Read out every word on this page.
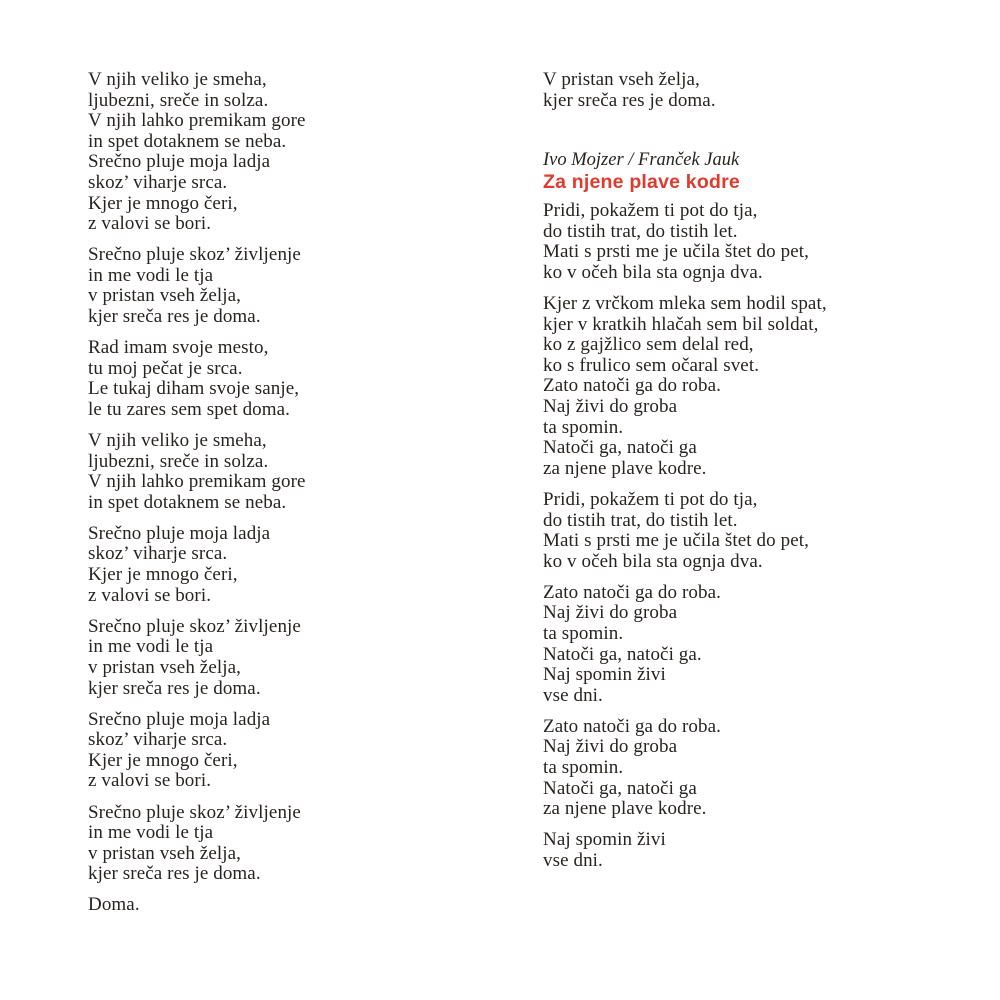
V njih veliko je smeha,
ljubezni, sreče in solza.
V njih lahko premikam gore
in spet dotaknem se neba.
Srečno pluje moja ladja
skoz’ viharje srca.
Kjer je mnogo čeri,
z valovi se bori.

Srečno pluje skoz’ življenje
in me vodi le tja
v pristan vseh želja,
kjer sreča res je doma.

Rad imam svoje mesto,
tu moj pečat je srca.
Le tukaj diham svoje sanje,
le tu zares sem spet doma.

V njih veliko je smeha,
ljubezni, sreče in solza.
V njih lahko premikam gore
in spet dotaknem se neba.

Srečno pluje moja ladja
skoz’ viharje srca.
Kjer je mnogo čeri,
z valovi se bori.

Srečno pluje skoz’ življenje
in me vodi le tja
v pristan vseh želja,
kjer sreča res je doma.

Srečno pluje moja ladja
skoz’ viharje srca.
Kjer je mnogo čeri,
z valovi se bori.

Srečno pluje skoz’ življenje
in me vodi le tja
v pristan vseh želja,
kjer sreča res je doma.

Doma.

V pristan vseh želja,
kjer sreča res je doma.

Ivo Mojzer / Franček Jauk
Za njene plave kodre

Pridi, pokažem ti pot do tja,
do tistih trat, do tistih let.
Mati s prsti me je učila štet do pet,
ko v očeh bila sta ognja dva.

Kjer z vrčkom mleka sem hodil spat,
kjer v kratkih hlačah sem bil soldat,
ko z gajžlico sem delal red,
ko s frulico sem očaral svet.
Zato natoči ga do roba.
Naj živi do groba
ta spomin.
Natoči ga, natoči ga
za njene plave kodre.

Pridi, pokažem ti pot do tja,
do tistih trat, do tistih let.
Mati s prsti me je učila štet do pet,
ko v očeh bila sta ognja dva.

Zato natoči ga do roba.
Naj živi do groba
ta spomin.
Natoči ga, natoči ga.
Naj spomin živi
vse dni.

Zato natoči ga do roba.
Naj živi do groba
ta spomin.
Natoči ga, natoči ga
za njene plave kodre.

Naj spomin živi
vse dni.
